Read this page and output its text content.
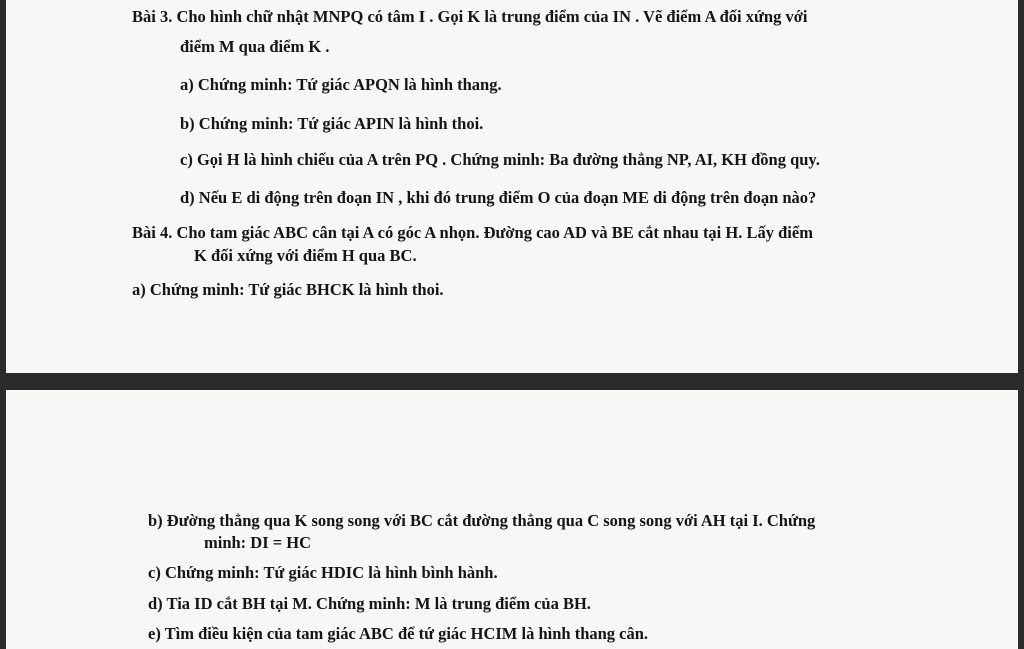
Bài 3. Cho hình chữ nhật MNPQ có tâm I . Gọi K là trung điểm của IN . Vẽ điểm A đối xứng với
điểm M qua điểm K .
a) Chứng minh: Tứ giác APQN là hình thang.
b) Chứng minh: Tứ giác APIN là hình thoi.
c) Gọi H là hình chiếu của A trên PQ . Chứng minh: Ba đường thẳng NP, AI, KH đồng quy.
d) Nếu E di động trên đoạn IN , khi đó trung điểm O của đoạn ME di động trên đoạn nào?
Bài 4. Cho tam giác ABC cân tại A có góc A nhọn. Đường cao AD và BE cắt nhau tại H. Lấy điểm
K đối xứng với điểm H qua BC.
a) Chứng minh: Tứ giác BHCK là hình thoi.
b) Đường thẳng qua K song song với BC cắt đường thẳng qua C song song với AH tại I. Chứng
minh: DI = HC
c) Chứng minh: Tứ giác HDIC là hình bình hành.
d) Tia ID cắt BH tại M. Chứng minh: M là trung điểm của BH.
e) Tìm điều kiện của tam giác ABC để tứ giác HCIM là hình thang cân.
